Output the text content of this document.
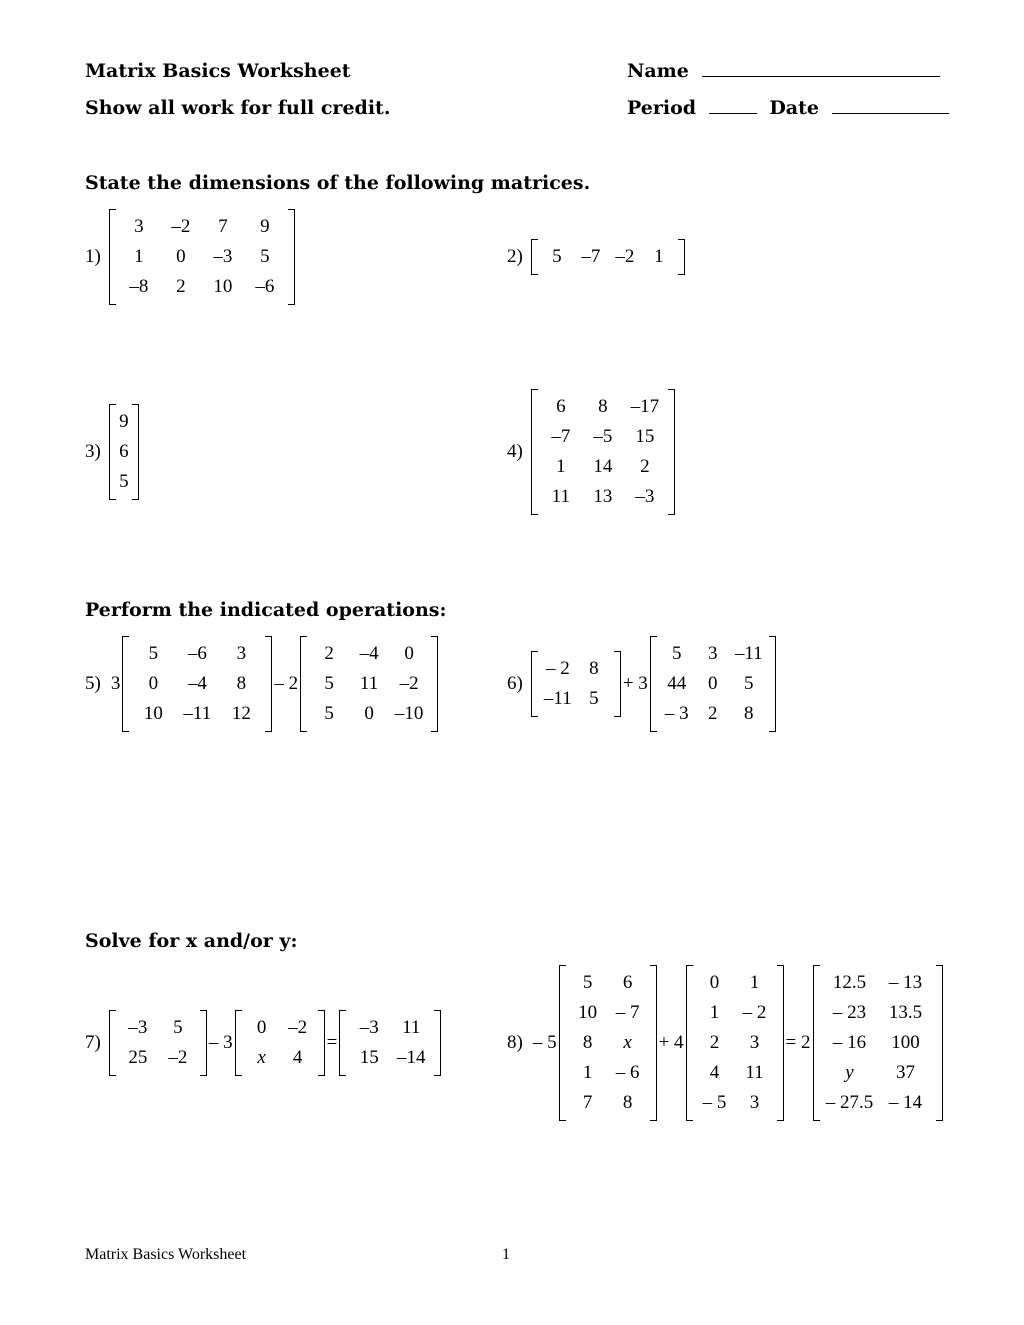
Matrix Basics Worksheet
Show all work for full credit.
Name
Period	Date
State the dimensions of the following matrices.
Perform the indicated operations:
Solve for x and/or y:
1)
3	–2	7	9
1	0	–3	5
–8	2	10	–6
2)	5	–7 –2	1
3)
9
6
5
4)
6	8	–17
–7	–5	15
1	14	2
11	13	–3
5) 3
5	–6	3
0	–4	8
10	–11	12
– 2
2	–4	0
5	11	–2
5	0	–10
6)
– 2	8
–11 5
+ 3
5	3 –11
44	0	5
– 3	2	8
7)
–3	5
25	–2
– 3
0	–2
x	4
=
–3	11
15 –14
8) – 5
5	6
10 – 7
8	x
1	– 6
7	8
+ 4
0	1
1	– 2
2	3
4	11
– 5	3
= 2
12.5	– 13
– 23	13.5
– 16	100
y	37
– 27.5 – 14
Matrix Basics Worksheet	1
